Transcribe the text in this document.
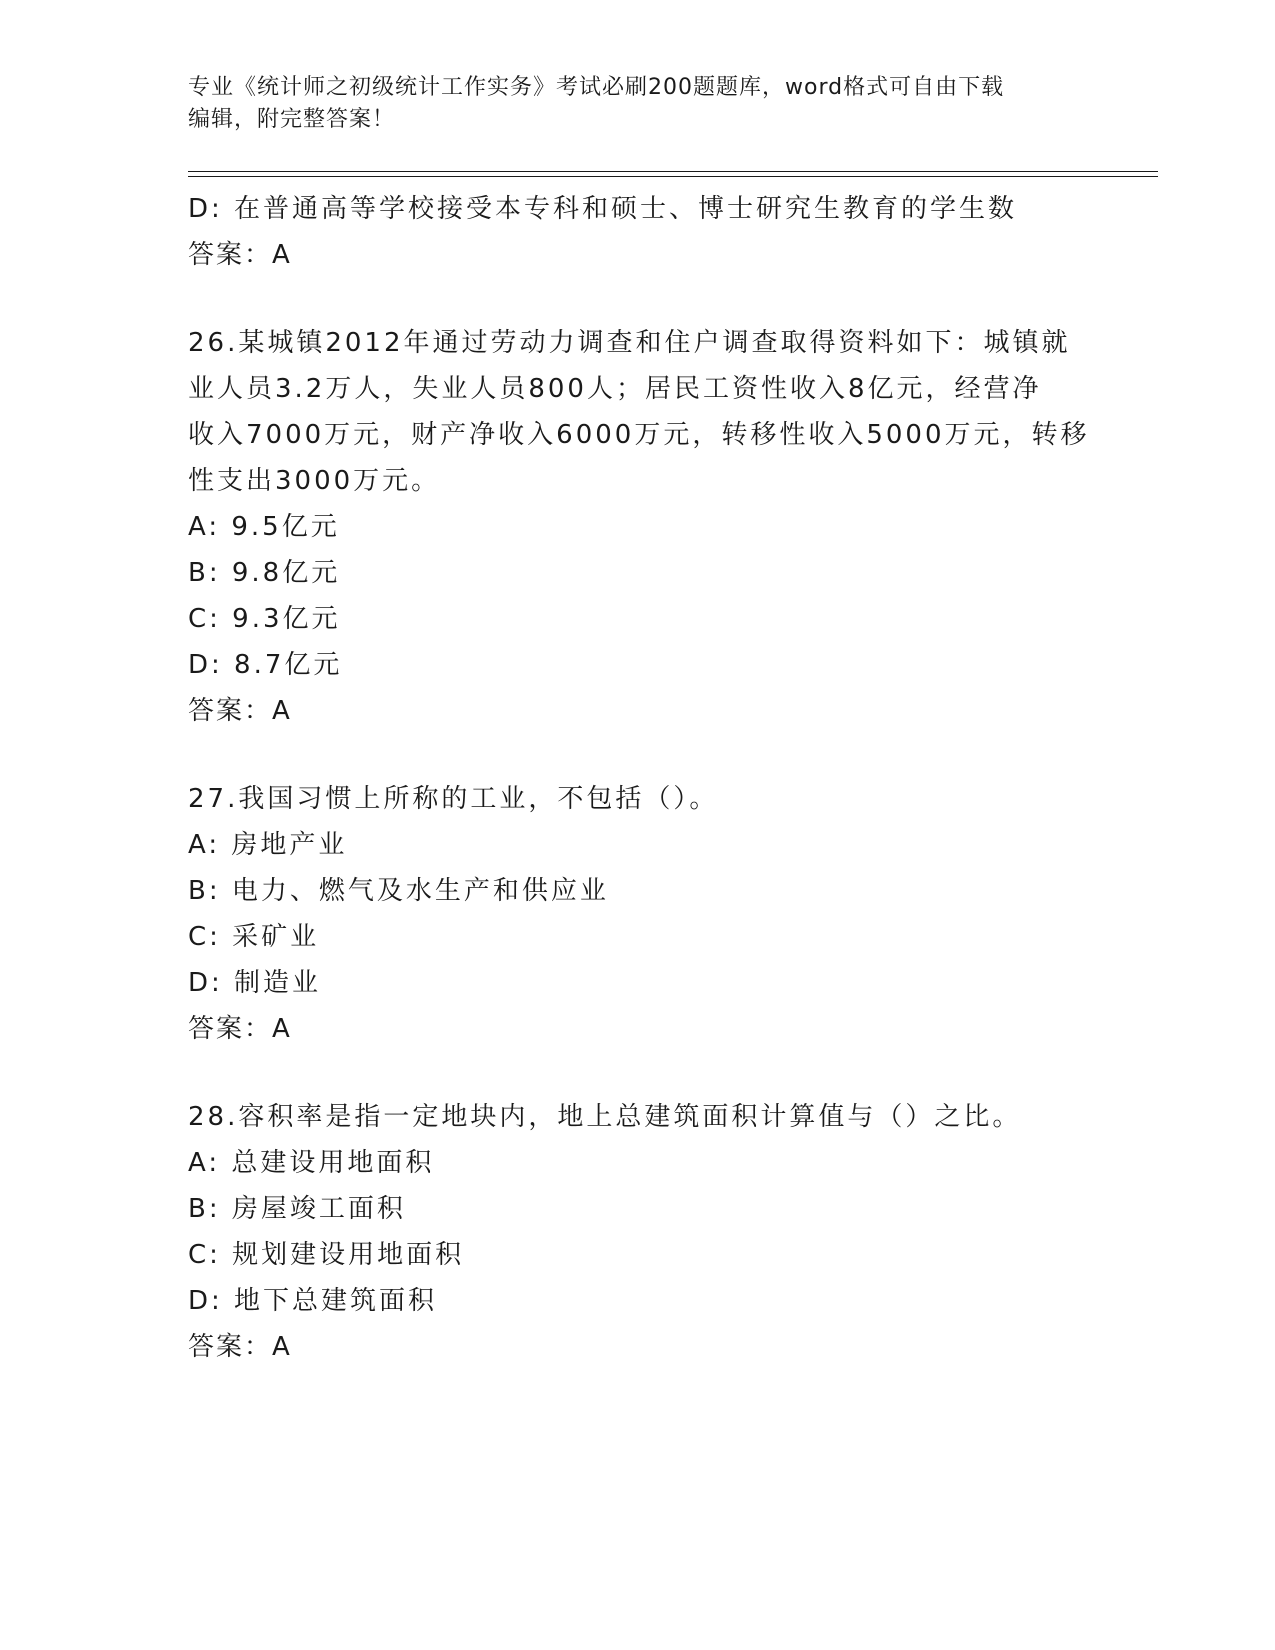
专业《统计师之初级统计工作实务》考试必刷200题题库，word格式可自由下载
编辑，附完整答案！
D: 在普通高等学校接受本专科和硕士、博士研究生教育的学生数
答案：A
26.某城镇2012年通过劳动力调查和住户调查取得资料如下：城镇就
业人员3.2万人，失业人员800人；居民工资性收入8亿元，经营净
收入7000万元，财产净收入6000万元，转移性收入5000万元，转移
性支出3000万元。
A: 9.5亿元
B: 9.8亿元
C: 9.3亿元
D: 8.7亿元
答案：A
27.我国习惯上所称的工业，不包括（）。
A: 房地产业
B: 电力、燃气及水生产和供应业
C: 采矿业
D: 制造业
答案：A
28.容积率是指一定地块内，地上总建筑面积计算值与（）之比。
A: 总建设用地面积
B: 房屋竣工面积
C: 规划建设用地面积
D: 地下总建筑面积
答案：A
